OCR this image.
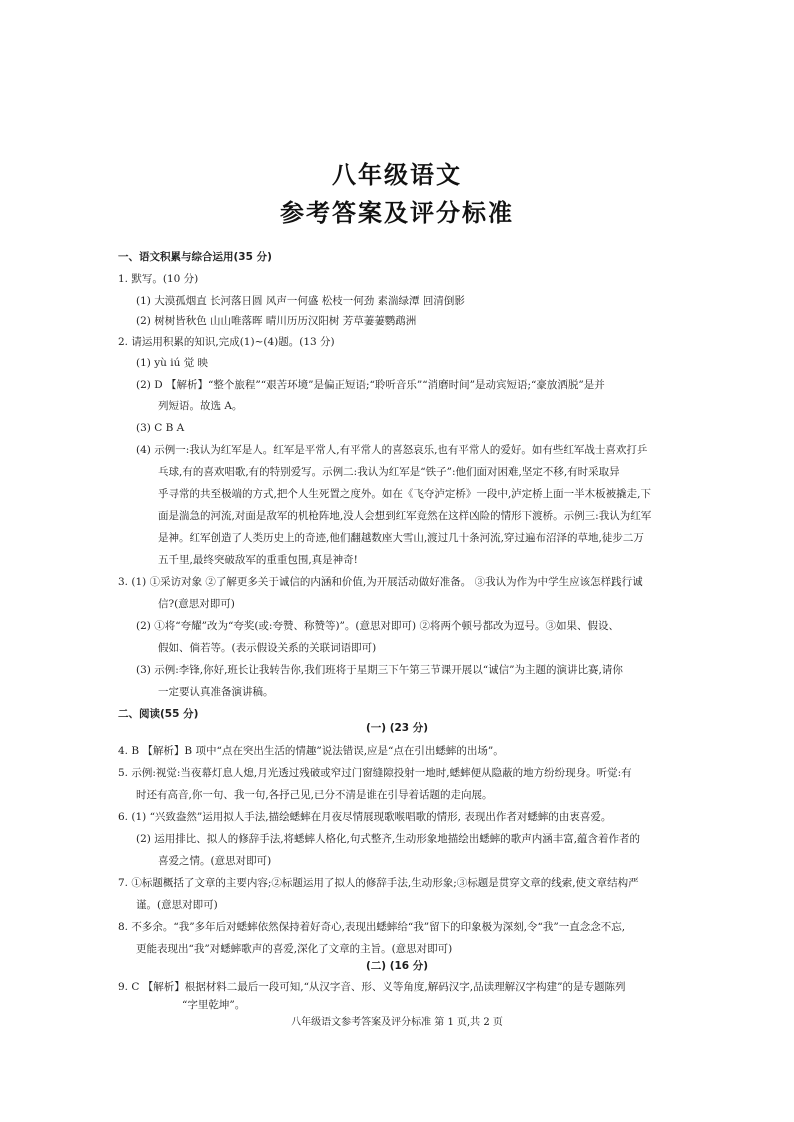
八年级语文
参考答案及评分标准
一、语文积累与综合运用(35 分)
1. 默写。(10 分)
(1) 大漠孤烟直 长河落日圆 风声一何盛 松枝一何劲 素湍绿潭 回清倒影
(2) 树树皆秋色 山山唯落晖 晴川历历汉阳树 芳草萋萋鹦鹉洲
2. 请运用积累的知识,完成(1)~(4)题。(13 分)
(1) yù iú 觉 映
(2) D 【解析】“整个旅程”“艰苦环境”是偏正短语;“聆听音乐”“消磨时间”是动宾短语;“豪放洒脱”是并
列短语。故选 A。
(3) C B A
(4) 示例一:我认为红军是人。红军是平常人,有平常人的喜怒哀乐,也有平常人的爱好。如有些红军战士喜欢打乒
乓球,有的喜欢唱歌,有的特别爱写。示例二:我认为红军是“铁子”:他们面对困难,坚定不移,有时采取异
乎寻常的共至极端的方式,把个人生死置之度外。如在《飞夺泸定桥》一段中,泸定桥上面一半木板被撬走,下
面是湍急的河流,对面是敌军的机枪阵地,没人会想到红军竟然在这样凶险的情形下渡桥。示例三:我认为红军
是神。红军创造了人类历史上的奇迹,他们翻越数座大雪山,渡过几十条河流,穿过遍布沼泽的草地,徒步二万
五千里,最终突破敌军的重重包围,真是神奇!
3. (1) ①采访对象 ②了解更多关于诚信的内涵和价值,为开展活动做好准备。 ③我认为作为中学生应该怎样践行诚
信?(意思对即可)
(2) ①将“夸耀”改为“夸奖(或:夸赞、称赞等)”。(意思对即可) ②将两个顿号都改为逗号。③如果、假设、
假如、倘若等。(表示假设关系的关联词语即可)
(3) 示例:李锋,你好,班长让我转告你,我们班将于星期三下午第三节课开展以“诚信”为主题的演讲比赛,请你
一定要认真准备演讲稿。
二、阅读(55 分)
(一) (23 分)
4. B 【解析】B 项中“点在突出生活的情趣”说法错误,应是“点在引出蟋蟀的出场”。
5. 示例:视觉:当夜幕灯息人熄,月光透过残破或窄过门窗缝隙投射一地时,蟋蟀便从隐蔽的地方纷纷现身。听觉:有
时还有高音,你一句、我一句,各抒己见,已分不清是谁在引导着话题的走向展。
6. (1) “兴致盎然”运用拟人手法,描绘蟋蟀在月夜尽情展现歌喉唱歌的情形, 表现出作者对蟋蟀的由衷喜爱。
(2) 运用排比、拟人的修辞手法,将蟋蟀人格化,句式整齐,生动形象地描绘出蟋蟀的歌声内涵丰富,蕴含着作者的
喜爱之情。(意思对即可)
7. ①标题概括了文章的主要内容;②标题运用了拟人的修辞手法,生动形象;③标题是贯穿文章的线索,使文章结构严
谨。(意思对即可)
8. 不多余。“我”多年后对蟋蟀依然保持着好奇心,表现出蟋蟀给“我”留下的印象极为深刻,令“我”一直念念不忘,
更能表现出“我”对蟋蟀歌声的喜爱,深化了文章的主旨。(意思对即可)
(二) (16 分)
9. C 【解析】根据材料二最后一段可知,“从汉字音、形、义等角度,解码汉字,品读理解汉字构建”的是专题陈列
“字里乾坤”。
八年级语文参考答案及评分标准 第 1 页,共 2 页
